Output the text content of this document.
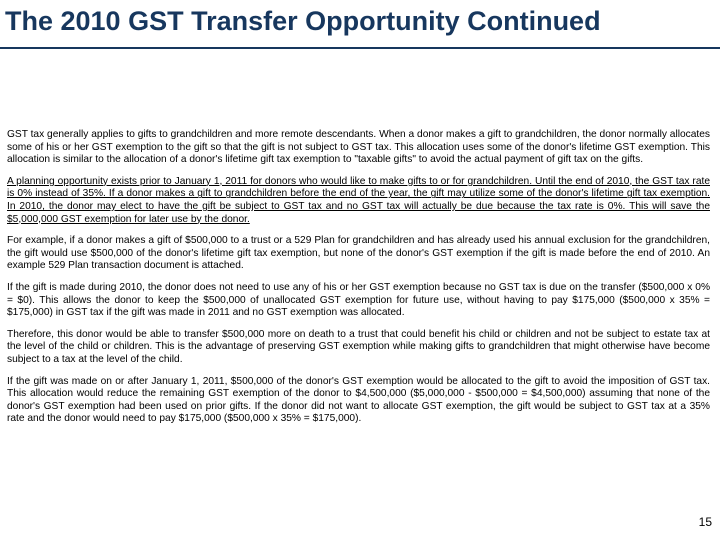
The 2010 GST Transfer Opportunity Continued

GST tax generally applies to gifts to grandchildren and more remote descendants. When a donor makes a gift to grandchildren, the donor normally allocates some of his or her GST exemption to the gift so that the gift is not subject to GST tax. This allocation uses some of the donor's lifetime GST exemption. This allocation is similar to the allocation of a donor's lifetime gift tax exemption to "taxable gifts" to avoid the actual payment of gift tax on the gifts.

A planning opportunity exists prior to January 1, 2011 for donors who would like to make gifts to or for grandchildren. Until the end of 2010, the GST tax rate is 0% instead of 35%. If a donor makes a gift to grandchildren before the end of the year, the gift may utilize some of the donor's lifetime gift tax exemption. In 2010, the donor may elect to have the gift be subject to GST tax and no GST tax will actually be due because the tax rate is 0%. This will save the $5,000,000 GST exemption for later use by the donor.

For example, if a donor makes a gift of $500,000 to a trust or a 529 Plan for grandchildren and has already used his annual exclusion for the grandchildren, the gift would use $500,000 of the donor's lifetime gift tax exemption, but none of the donor's GST exemption if the gift is made before the end of 2010. An example 529 Plan transaction document is attached.

If the gift is made during 2010, the donor does not need to use any of his or her GST exemption because no GST tax is due on the transfer ($500,000 x 0% = $0). This allows the donor to keep the $500,000 of unallocated GST exemption for future use, without having to pay $175,000 ($500,000 x 35% = $175,000) in GST tax if the gift was made in 2011 and no GST exemption was allocated.

Therefore, this donor would be able to transfer $500,000 more on death to a trust that could benefit his child or children and not be subject to estate tax at the level of the child or children. This is the advantage of preserving GST exemption while making gifts to grandchildren that might otherwise have become subject to a tax at the level of the child.

If the gift was made on or after January 1, 2011, $500,000 of the donor's GST exemption would be allocated to the gift to avoid the imposition of GST tax. This allocation would reduce the remaining GST exemption of the donor to $4,500,000 ($5,000,000 - $500,000 = $4,500,000) assuming that none of the donor's GST exemption had been used on prior gifts. If the donor did not want to allocate GST exemption, the gift would be subject to GST tax at a 35% rate and the donor would need to pay $175,000 ($500,000 x 35% = $175,000).

15
